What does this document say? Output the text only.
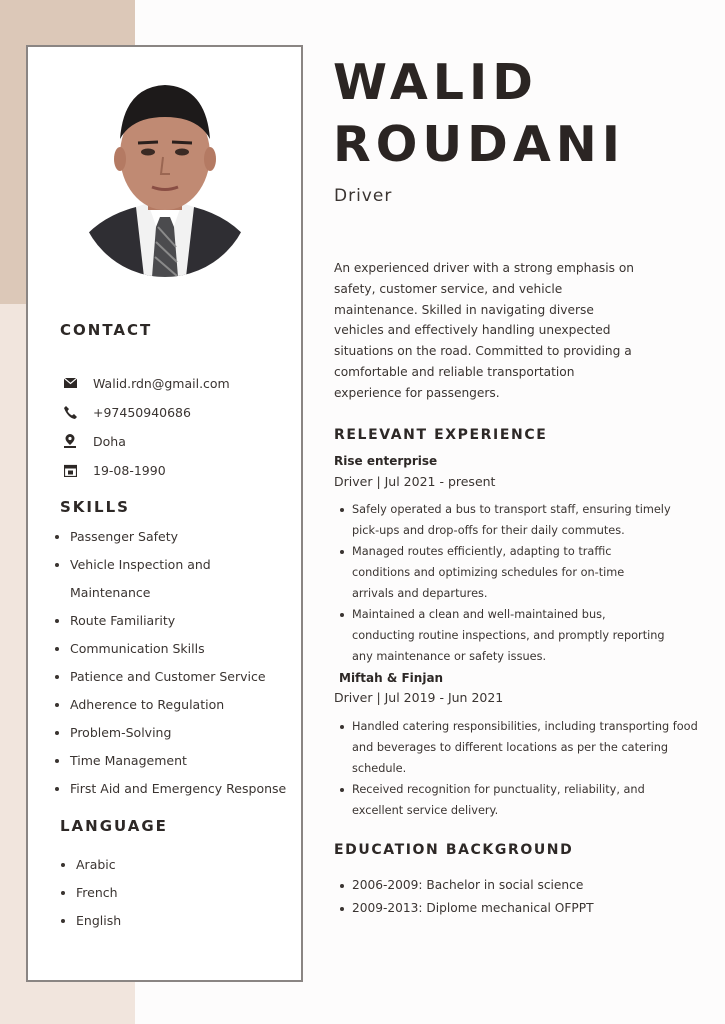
CONTACT
Walid.rdn@gmail.com
+97450940686
Doha
19-08-1990
SKILLS
Passenger Safety
Vehicle Inspection and
Maintenance
Route Familiarity
Communication Skills
Patience and Customer Service
Adherence to Regulation
Problem-Solving
Time Management
First Aid and Emergency Response
LANGUAGE
Arabic
French
English
WALID
ROUDANI
Driver

An experienced driver with a strong emphasis on
safety, customer service, and vehicle
maintenance. Skilled in navigating diverse
vehicles and effectively handling unexpected
situations on the road. Committed to providing a
comfortable and reliable transportation
experience for passengers.

RELEVANT EXPERIENCE
Rise enterprise
Driver | Jul 2021 - present
Safely operated a bus to transport staff, ensuring timely
pick-ups and drop-offs for their daily commutes.
Managed routes efficiently, adapting to traffic
conditions and optimizing schedules for on-time
arrivals and departures.
Maintained a clean and well-maintained bus,
conducting routine inspections, and promptly reporting
any maintenance or safety issues.
Miftah & Finjan
Driver | Jul 2019 - Jun 2021
Handled catering responsibilities, including transporting food
and beverages to different locations as per the catering
schedule.
Received recognition for punctuality, reliability, and
excellent service delivery.
EDUCATION BACKGROUND
2006-2009: Bachelor in social science
2009-2013: Diplome mechanical OFPPT
